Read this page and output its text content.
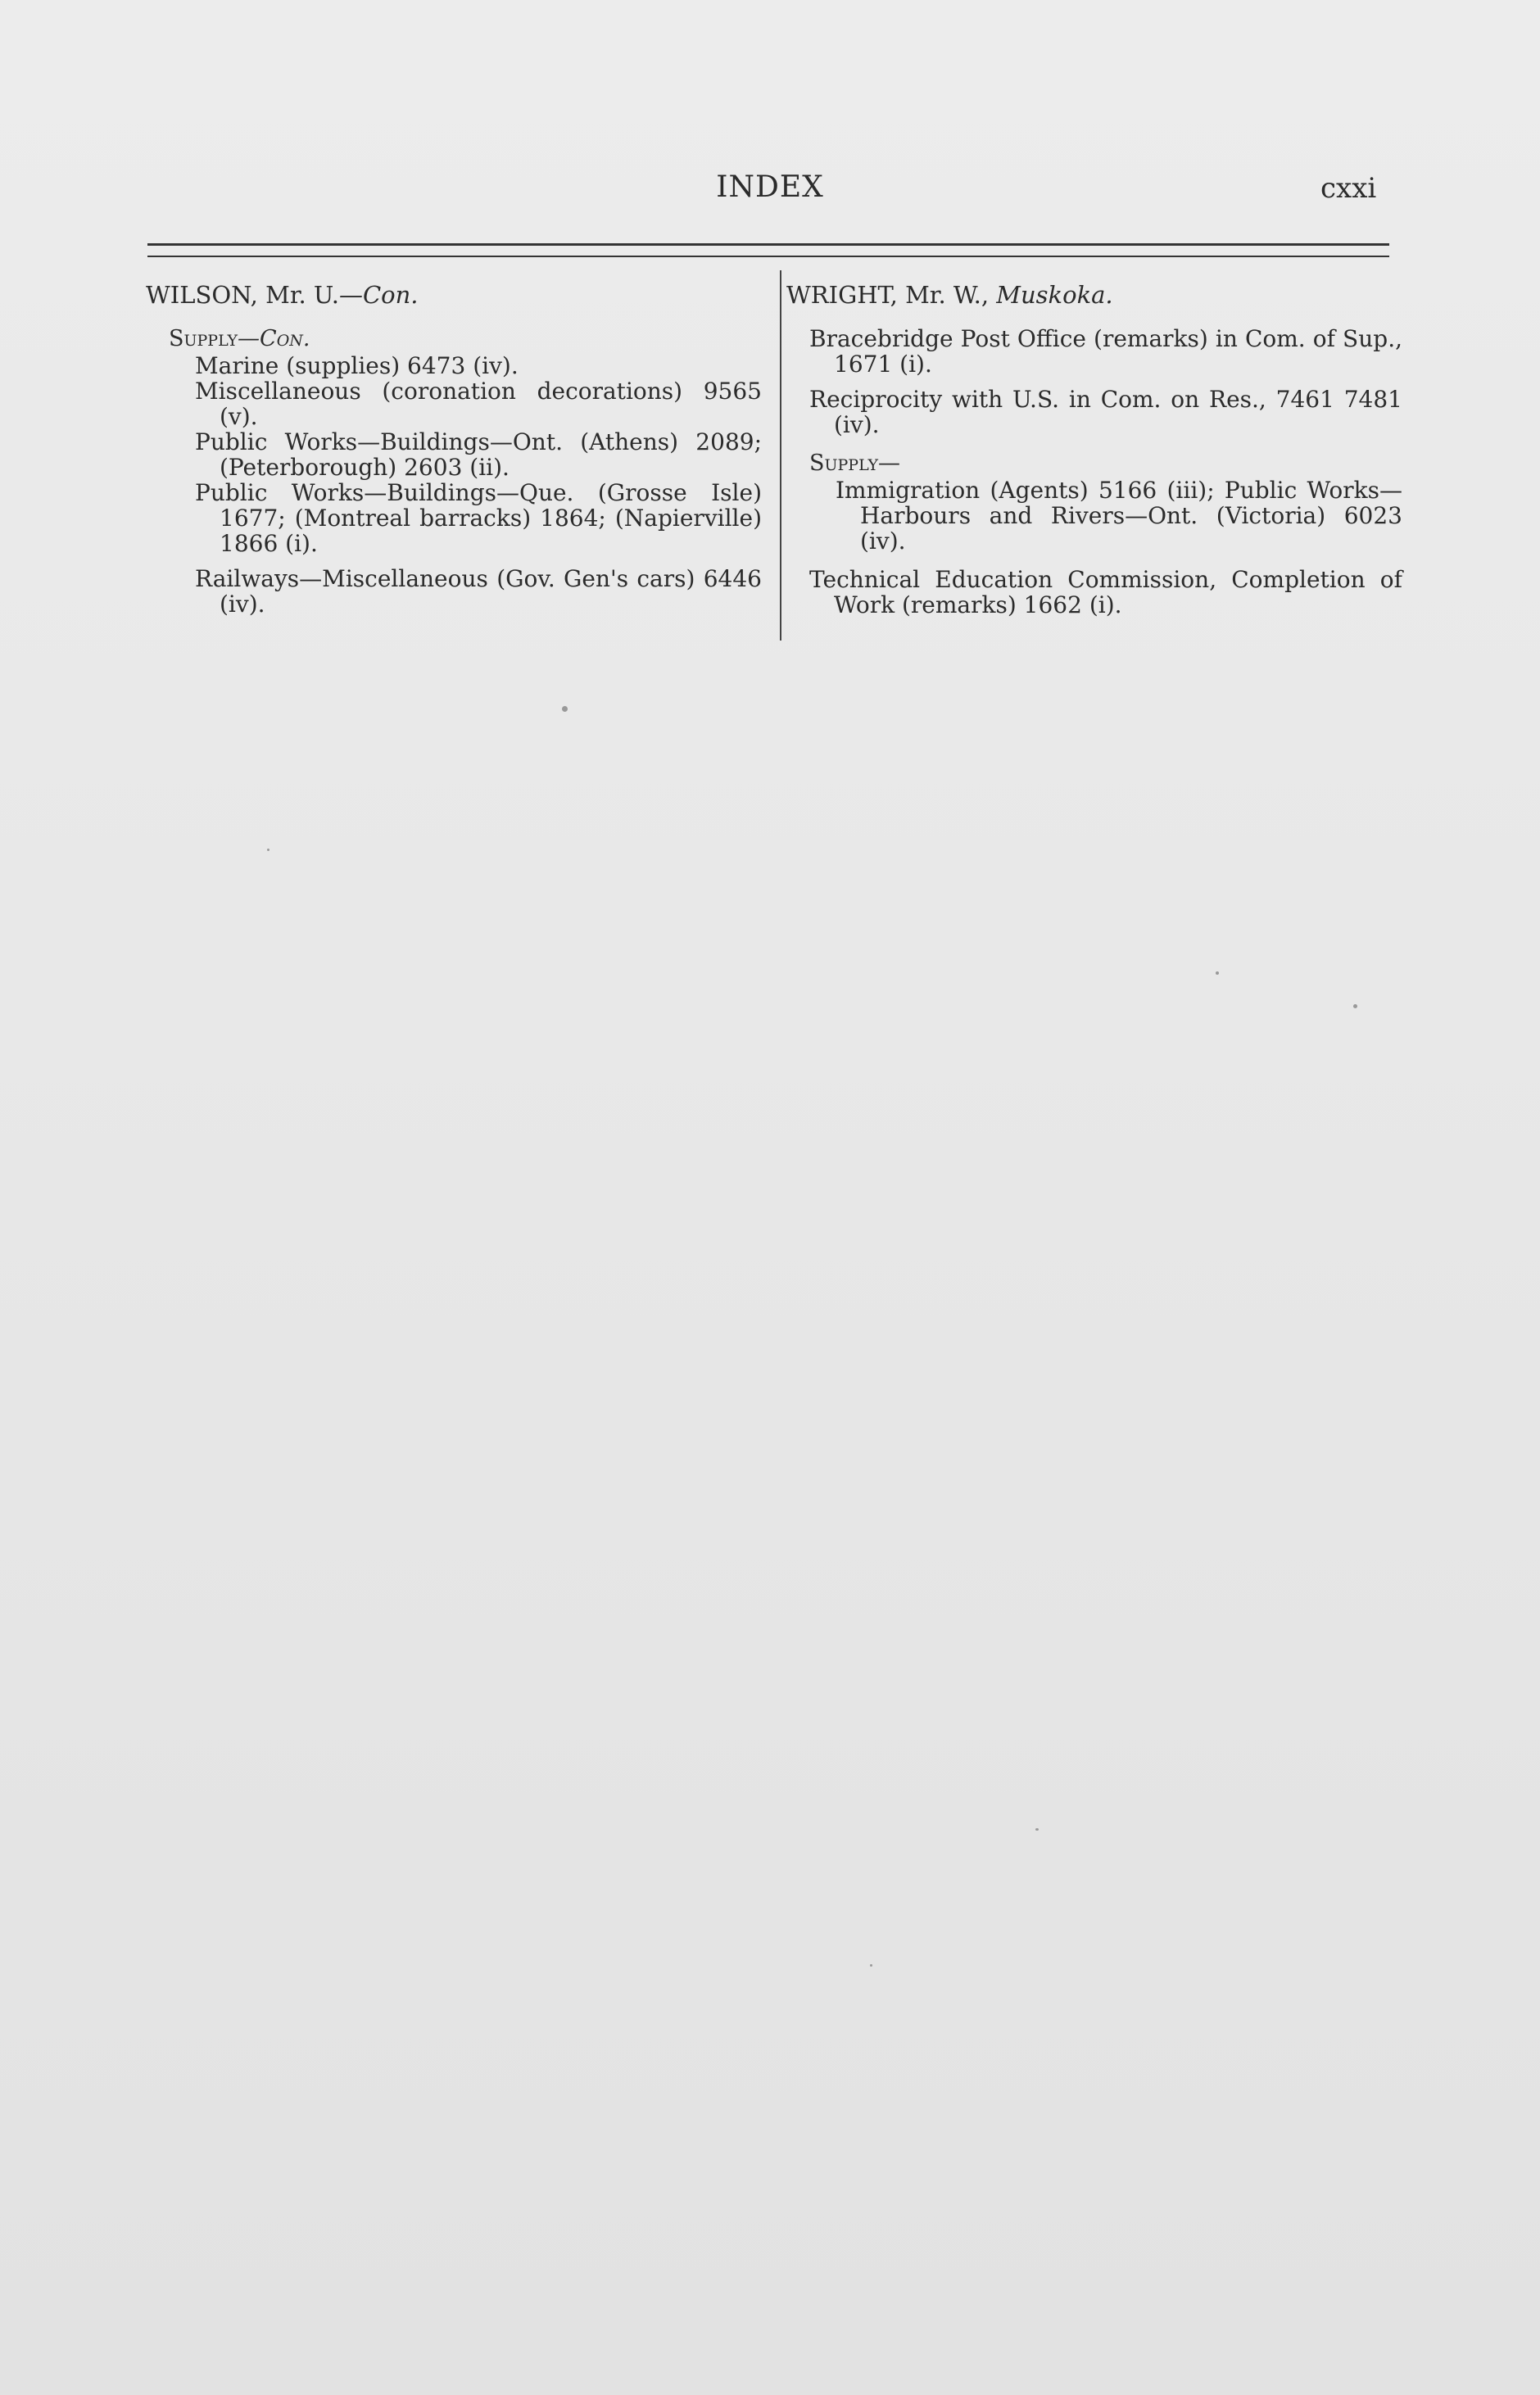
INDEX	cxxi

WILSON, Mr. U.—Con.

Supply—Con.

Marine (supplies) 6473 (iv).

Miscellaneous (coronation decorations) 9565 (v).

Public Works—Buildings—Ont. (Athens) 2089; (Peterborough) 2603 (ii).

Public Works—Buildings—Que. (Grosse Isle) 1677; (Montreal barracks) 1864; (Napierville) 1866 (i).

Railways—Miscellaneous (Gov. Gen's cars) 6446 (iv).

WRIGHT, Mr. W., Muskoka.

Bracebridge Post Office (remarks) in Com. of Sup., 1671 (i).

Reciprocity with U.S. in Com. on Res., 7461 7481 (iv).

Supply—

Immigration (Agents) 5166 (iii); Public Works—Harbours and Rivers—Ont. (Victoria) 6023 (iv).

Technical Education Commission, Completion of Work (remarks) 1662 (i).
